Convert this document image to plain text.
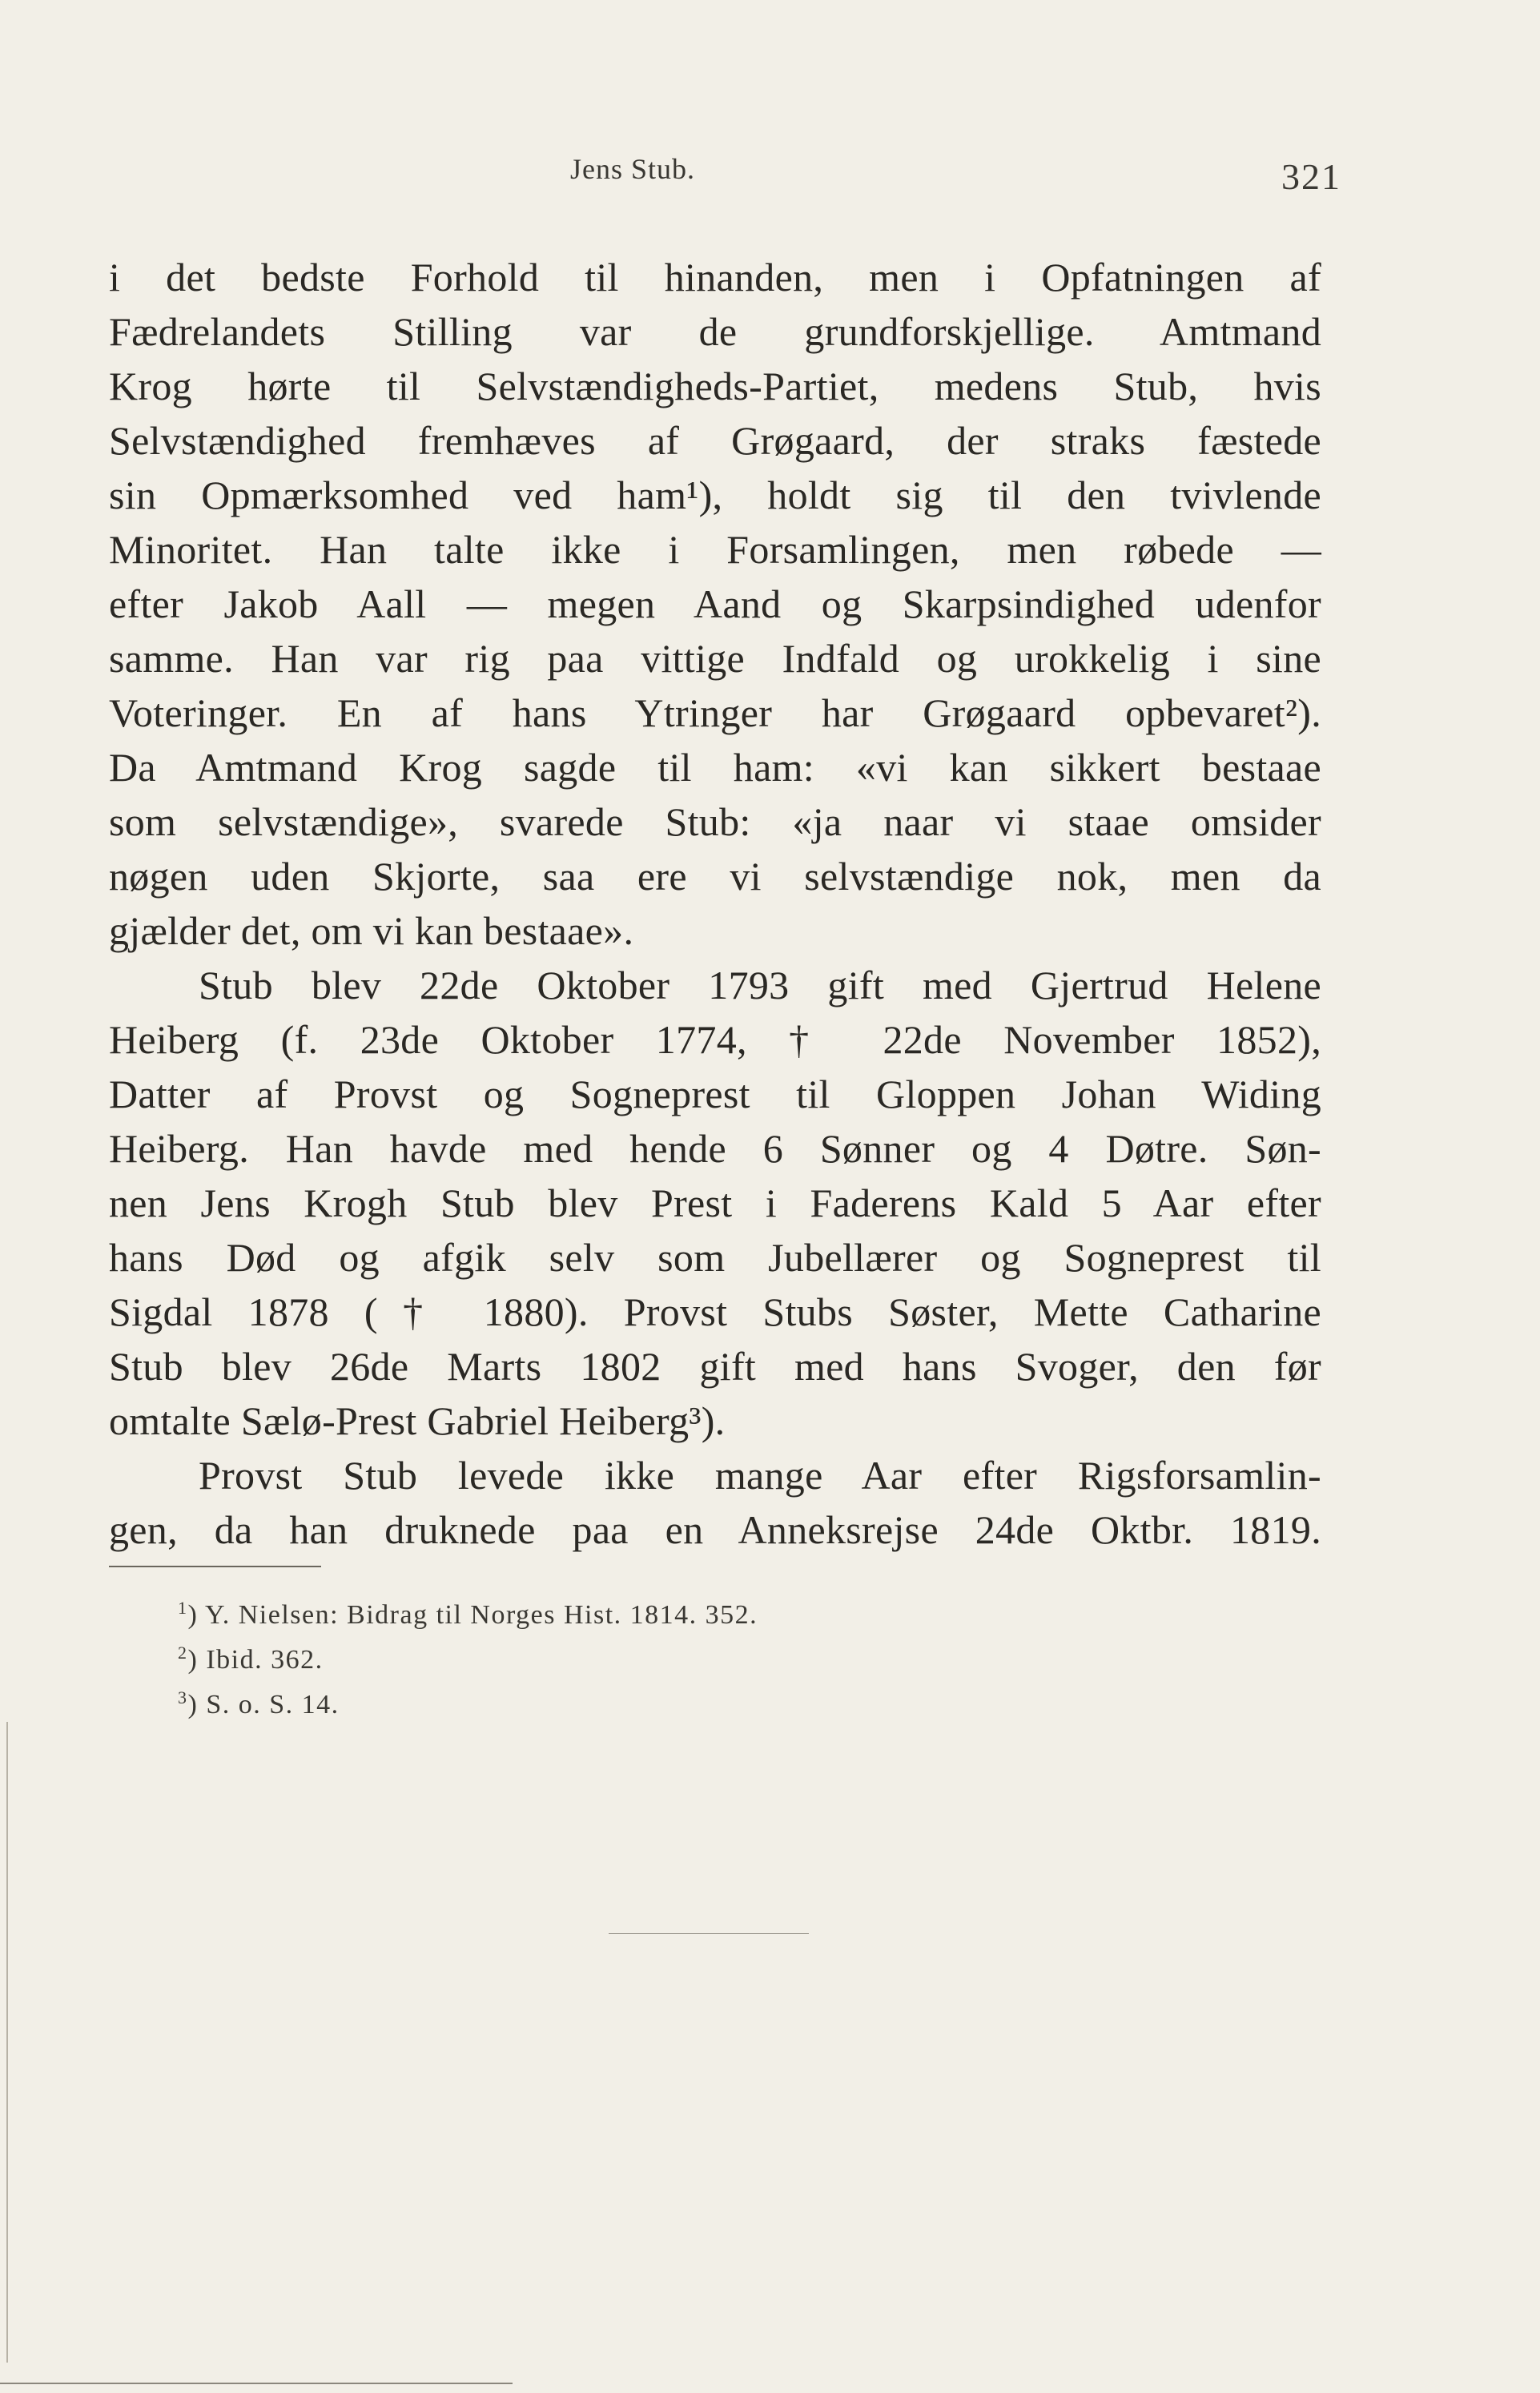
Jens Stub.	321
i det bedste Forhold til hinanden, men i Opfatningen af
Fædrelandets Stilling var de grundforskjellige. Amtmand
Krog hørte til Selvstændigheds-Partiet, medens Stub, hvis
Selvstændighed fremhæves af Grøgaard, der straks fæstede
sin Opmærksomhed ved ham¹), holdt sig til den tvivlende
Minoritet. Han talte ikke i Forsamlingen, men røbede —
efter Jakob Aall — megen Aand og Skarpsindighed udenfor
samme. Han var rig paa vittige Indfald og urokkelig i sine
Voteringer. En af hans Ytringer har Grøgaard opbevaret²).
Da Amtmand Krog sagde til ham: «vi kan sikkert bestaae
som selvstændige», svarede Stub: «ja naar vi staae omsider
nøgen uden Skjorte, saa ere vi selvstændige nok, men da
gjælder det, om vi kan bestaae».
Stub blev 22de Oktober 1793 gift med Gjertrud Helene
Heiberg (f. 23de Oktober 1774, † 22de November 1852),
Datter af Provst og Sogneprest til Gloppen Johan Widing
Heiberg. Han havde med hende 6 Sønner og 4 Døtre. Søn-
nen Jens Krogh Stub blev Prest i Faderens Kald 5 Aar efter
hans Død og afgik selv som Jubellærer og Sogneprest til
Sigdal 1878 († 1880). Provst Stubs Søster, Mette Catharine
Stub blev 26de Marts 1802 gift med hans Svoger, den før
omtalte Sælø-Prest Gabriel Heiberg³).
Provst Stub levede ikke mange Aar efter Rigsforsamlin-
gen, da han druknede paa en Anneksrejse 24de Oktbr. 1819.
$^1$) Y. Nielsen: Bidrag til Norges Hist. 1814. 352.
$^2$) Ibid. 362.
$^3$) S. o. S. 14.
